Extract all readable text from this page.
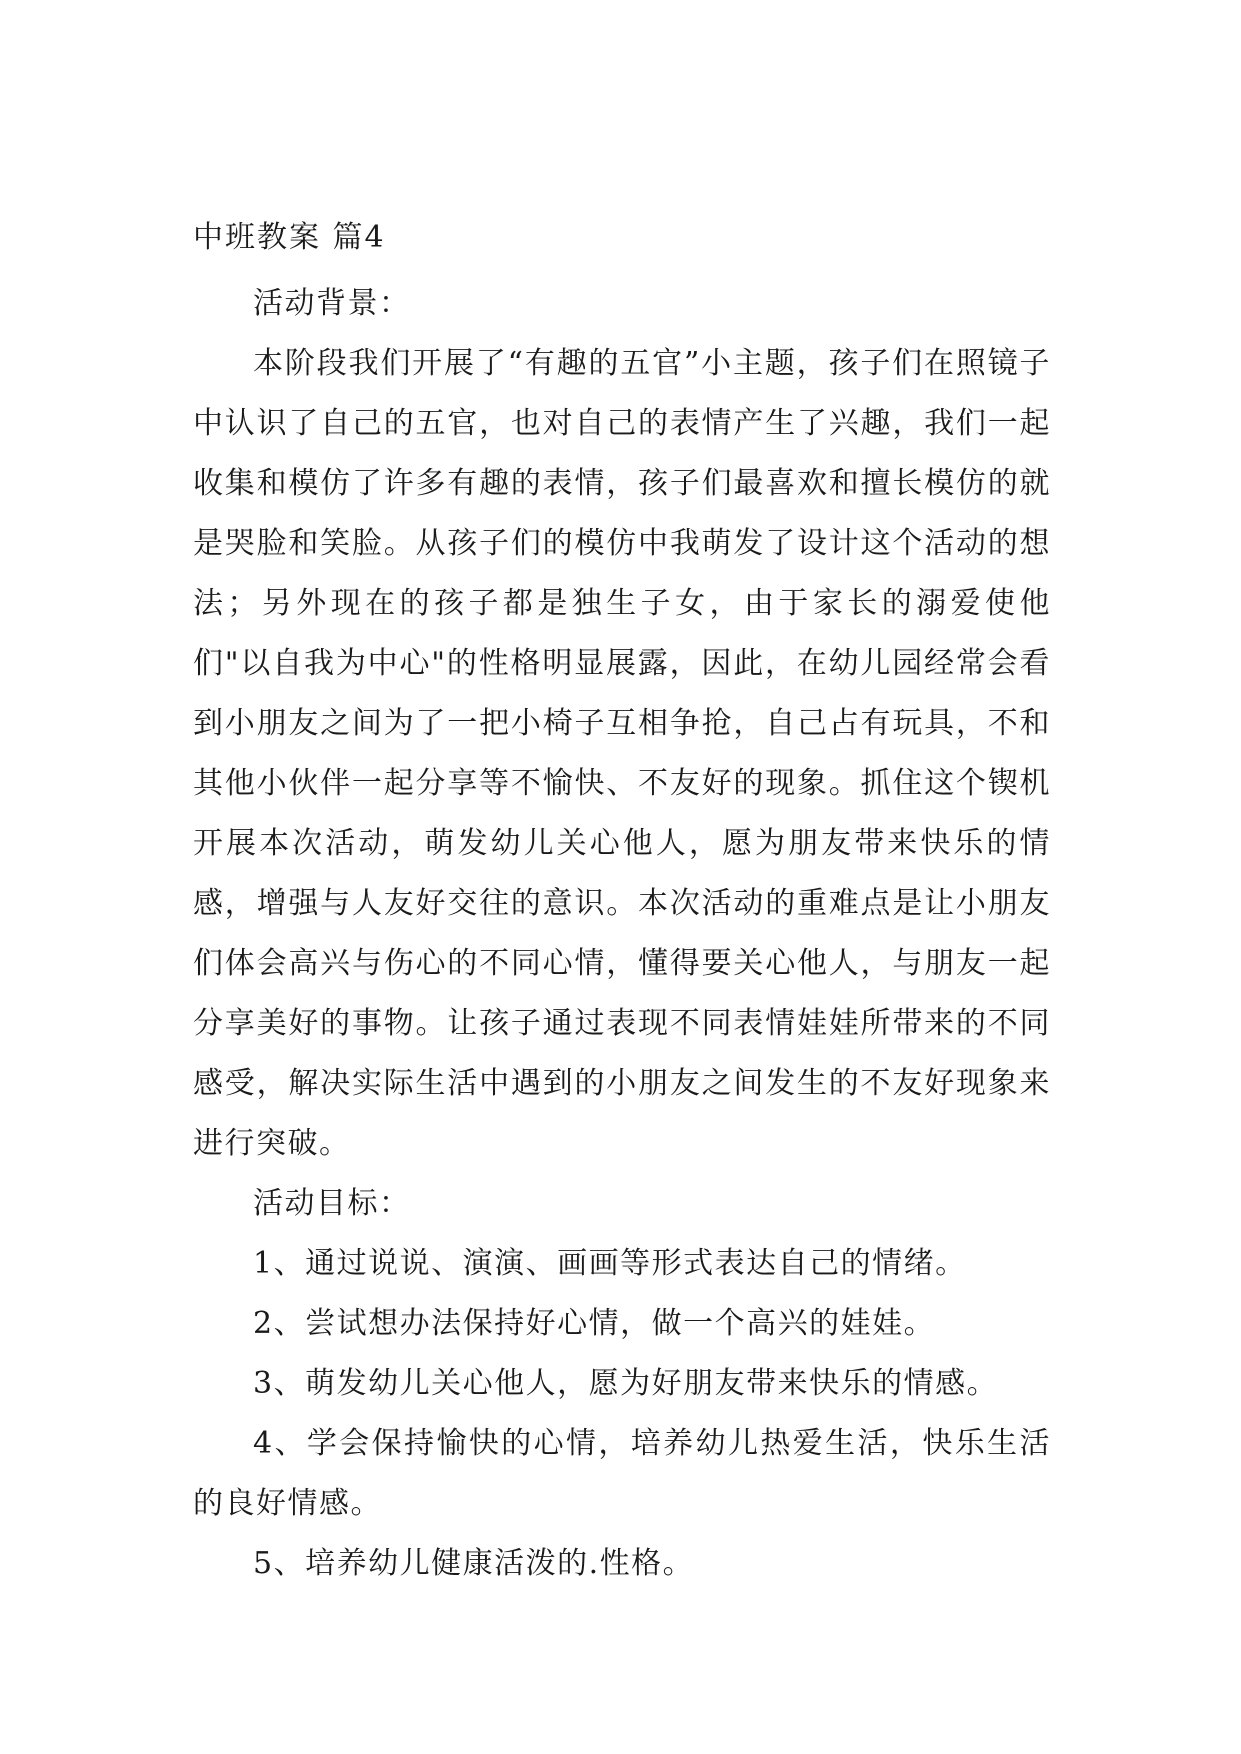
中班教案 篇4

活动背景：

本阶段我们开展了“有趣的五官”小主题，孩子们在照镜子中认识了自己的五官，也对自己的表情产生了兴趣，我们一起收集和模仿了许多有趣的表情，孩子们最喜欢和擅长模仿的就是哭脸和笑脸。从孩子们的模仿中我萌发了设计这个活动的想法；另外现在的孩子都是独生子女，由于家长的溺爱使他们"以自我为中心"的性格明显展露，因此，在幼儿园经常会看到小朋友之间为了一把小椅子互相争抢，自己占有玩具，不和其他小伙伴一起分享等不愉快、不友好的现象。抓住这个锲机开展本次活动，萌发幼儿关心他人，愿为朋友带来快乐的情感，增强与人友好交往的意识。本次活动的重难点是让小朋友们体会高兴与伤心的不同心情，懂得要关心他人，与朋友一起分享美好的事物。让孩子通过表现不同表情娃娃所带来的不同感受，解决实际生活中遇到的小朋友之间发生的不友好现象来进行突破。

活动目标：

1、通过说说、演演、画画等形式表达自己的情绪。

2、尝试想办法保持好心情，做一个高兴的娃娃。

3、萌发幼儿关心他人，愿为好朋友带来快乐的情感。

4、学会保持愉快的心情，培养幼儿热爱生活，快乐生活的良好情感。

5、培养幼儿健康活泼的.性格。
